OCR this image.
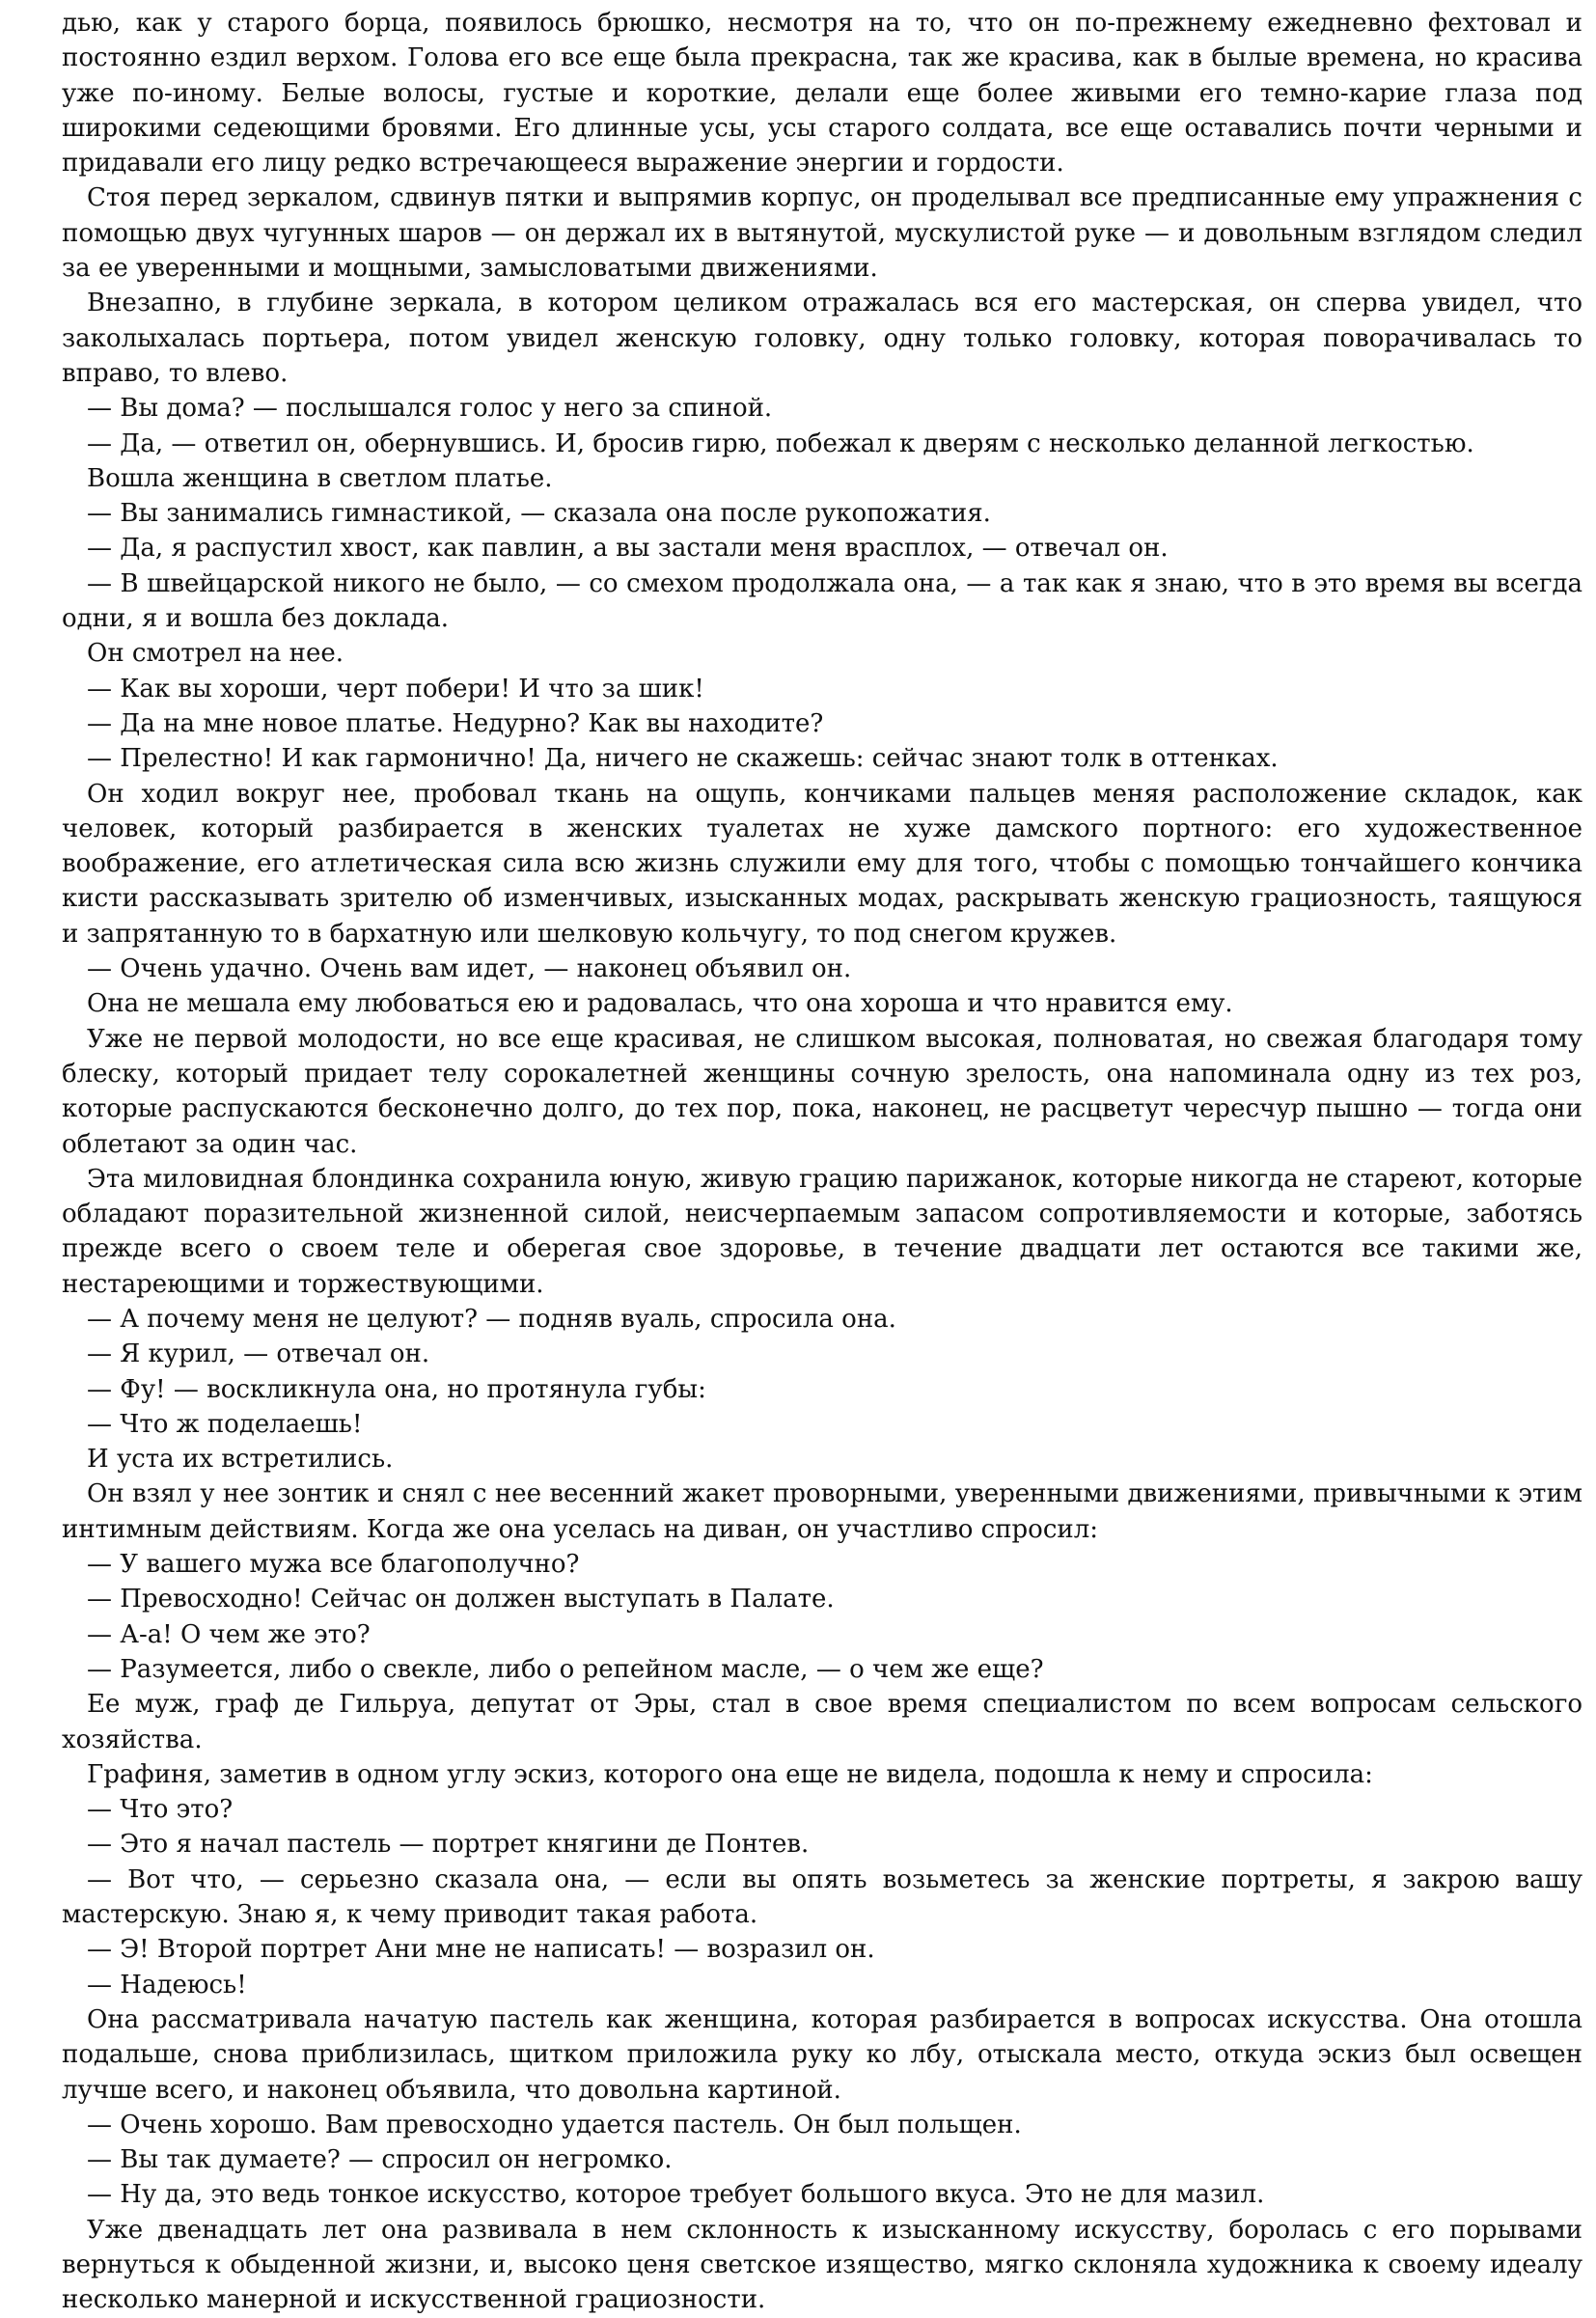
дью, как у старого борца, появилось брюшко, несмотря на то, что он по-прежнему ежедневно фехтовал и постоянно ездил верхом. Голова его все еще была прекрасна, так же красива, как в былые времена, но красива уже по-иному. Белые волосы, густые и короткие, делали еще более живыми его темно-карие глаза под широкими седеющими бровями. Его длинные усы, усы старого солдата, все еще оставались почти черными и придавали его лицу редко встречающееся выражение энергии и гордости.

Стоя перед зеркалом, сдвинув пятки и выпрямив корпус, он проделывал все предписанные ему упражнения с помощью двух чугунных шаров — он держал их в вытянутой, мускулистой руке — и довольным взглядом следил за ее уверенными и мощными, замысловатыми движениями.

Внезапно, в глубине зеркала, в котором целиком отражалась вся его мастерская, он сперва увидел, что заколыхалась портьера, потом увидел женскую головку, одну только головку, которая поворачивалась то вправо, то влево.

— Вы дома? — послышался голос у него за спиной.

— Да, — ответил он, обернувшись. И, бросив гирю, побежал к дверям с несколько деланной легкостью.

Вошла женщина в светлом платье.

— Вы занимались гимнастикой, — сказала она после рукопожатия.

— Да, я распустил хвост, как павлин, а вы застали меня врасплох, — отвечал он.

— В швейцарской никого не было, — со смехом продолжала она, — а так как я знаю, что в это время вы всегда одни, я и вошла без доклада.

Он смотрел на нее.

— Как вы хороши, черт побери! И что за шик!

— Да на мне новое платье. Недурно? Как вы находите?

— Прелестно! И как гармонично! Да, ничего не скажешь: сейчас знают толк в оттенках.

Он ходил вокруг нее, пробовал ткань на ощупь, кончиками пальцев меняя расположение складок, как человек, который разбирается в женских туалетах не хуже дамского портного: его художественное воображение, его атлетическая сила всю жизнь служили ему для того, чтобы с помощью тончайшего кончика кисти рассказывать зрителю об изменчивых, изысканных модах, раскрывать женскую грациозность, таящуюся и запрятанную то в бархатную или шелковую кольчугу, то под снегом кружев.

— Очень удачно. Очень вам идет, — наконец объявил он.

Она не мешала ему любоваться ею и радовалась, что она хороша и что нравится ему.

Уже не первой молодости, но все еще красивая, не слишком высокая, полноватая, но свежая благодаря тому блеску, который придает телу сорокалетней женщины сочную зрелость, она напоминала одну из тех роз, которые распускаются бесконечно долго, до тех пор, пока, наконец, не расцветут чересчур пышно — тогда они облетают за один час.

Эта миловидная блондинка сохранила юную, живую грацию парижанок, которые никогда не стареют, которые обладают поразительной жизненной силой, неисчерпаемым запасом сопротивляемости и которые, заботясь прежде всего о своем теле и оберегая свое здоровье, в течение двадцати лет остаются все такими же, нестареющими и торжествующими.

— А почему меня не целуют? — подняв вуаль, спросила она.

— Я курил, — отвечал он.

— Фу! — воскликнула она, но протянула губы:

— Что ж поделаешь!

И уста их встретились.

Он взял у нее зонтик и снял с нее весенний жакет проворными, уверенными движениями, привычными к этим интимным действиям. Когда же она уселась на диван, он участливо спросил:

— У вашего мужа все благополучно?

— Превосходно! Сейчас он должен выступать в Палате.

— А-а! О чем же это?

— Разумеется, либо о свекле, либо о репейном масле, — о чем же еще?

Ее муж, граф де Гильруа, депутат от Эры, стал в свое время специалистом по всем вопросам сельского хозяйства.

Графиня, заметив в одном углу эскиз, которого она еще не видела, подошла к нему и спросила:

— Что это?

— Это я начал пастель — портрет княгини де Понтев.

— Вот что, — серьезно сказала она, — если вы опять возьметесь за женские портреты, я закрою вашу мастерскую. Знаю я, к чему приводит такая работа.

— Э! Второй портрет Ани мне не написать! — возразил он.

— Надеюсь!

Она рассматривала начатую пастель как женщина, которая разбирается в вопросах искусства. Она отошла подальше, снова приблизилась, щитком приложила руку ко лбу, отыскала место, откуда эскиз был освещен лучше всего, и наконец объявила, что довольна картиной.

— Очень хорошо. Вам превосходно удается пастель. Он был польщен.

— Вы так думаете? — спросил он негромко.

— Ну да, это ведь тонкое искусство, которое требует большого вкуса. Это не для мазил.

Уже двенадцать лет она развивала в нем склонность к изысканному искусству, боролась с его порывами вернуться к обыденной жизни, и, высоко ценя светское изящество, мягко склоняла художника к своему идеалу несколько манерной и искусственной грациозности.
